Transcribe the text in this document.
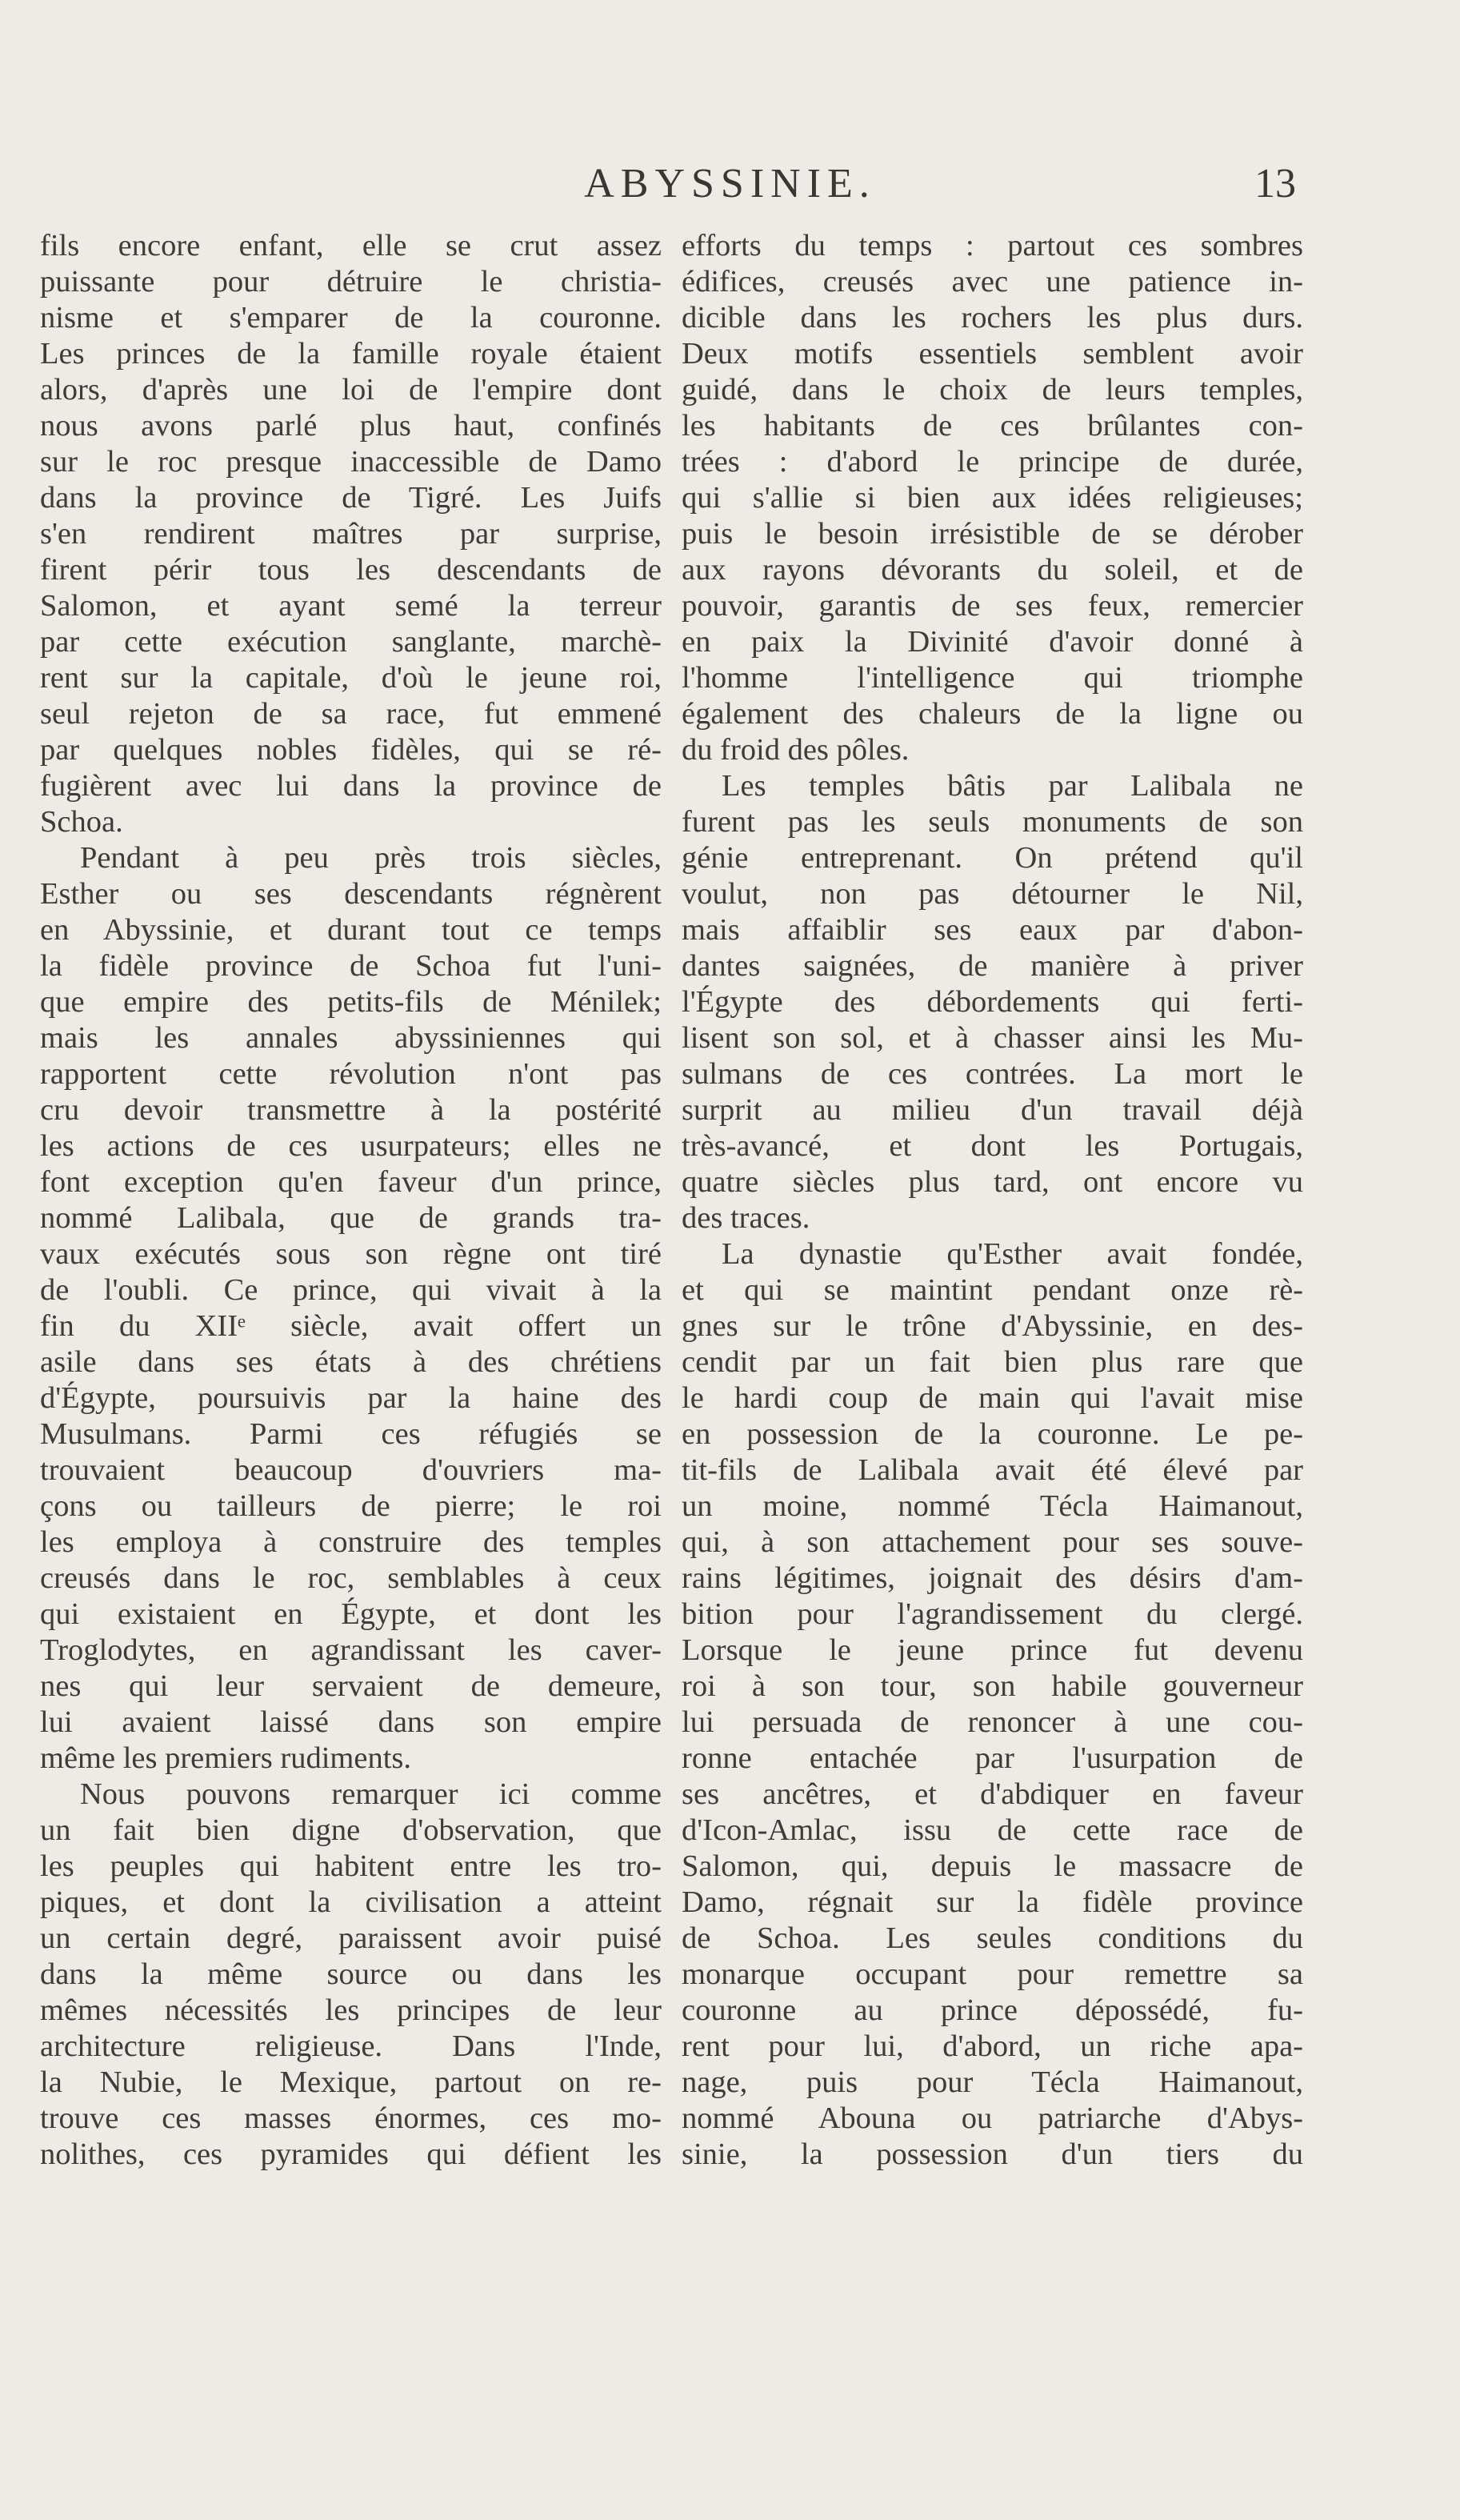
ABYSSINIE.	13
fils encore enfant, elle se crut assez
puissante pour détruire le christia-
nisme et s'emparer de la couronne.
Les princes de la famille royale étaient
alors, d'après une loi de l'empire dont
nous avons parlé plus haut, confinés
sur le roc presque inaccessible de Damo
dans la province de Tigré. Les Juifs
s'en rendirent maîtres par surprise,
firent périr tous les descendants de
Salomon, et ayant semé la terreur
par cette exécution sanglante, marchè-
rent sur la capitale, d'où le jeune roi,
seul rejeton de sa race, fut emmené
par quelques nobles fidèles, qui se ré-
fugièrent avec lui dans la province de
Schoa.
Pendant à peu près trois siècles,
Esther ou ses descendants régnèrent
en Abyssinie, et durant tout ce temps
la fidèle province de Schoa fut l'uni-
que empire des petits-fils de Ménilek;
mais les annales abyssiniennes qui
rapportent cette révolution n'ont pas
cru devoir transmettre à la postérité
les actions de ces usurpateurs; elles ne
font exception qu'en faveur d'un prince,
nommé Lalibala, que de grands tra-
vaux exécutés sous son règne ont tiré
de l'oubli. Ce prince, qui vivait à la
fin du XIIᵉ siècle, avait offert un
asile dans ses états à des chrétiens
d'Égypte, poursuivis par la haine des
Musulmans. Parmi ces réfugiés se
trouvaient beaucoup d'ouvriers ma-
çons ou tailleurs de pierre; le roi
les employa à construire des temples
creusés dans le roc, semblables à ceux
qui existaient en Égypte, et dont les
Troglodytes, en agrandissant les caver-
nes qui leur servaient de demeure,
lui avaient laissé dans son empire
même les premiers rudiments.
Nous pouvons remarquer ici comme
un fait bien digne d'observation, que
les peuples qui habitent entre les tro-
piques, et dont la civilisation a atteint
un certain degré, paraissent avoir puisé
dans la même source ou dans les
mêmes nécessités les principes de leur
architecture religieuse. Dans l'Inde,
la Nubie, le Mexique, partout on re-
trouve ces masses énormes, ces mo-
nolithes, ces pyramides qui défient les
efforts du temps : partout ces sombres
édifices, creusés avec une patience in-
dicible dans les rochers les plus durs.
Deux motifs essentiels semblent avoir
guidé, dans le choix de leurs temples,
les habitants de ces brûlantes con-
trées : d'abord le principe de durée,
qui s'allie si bien aux idées religieuses;
puis le besoin irrésistible de se dérober
aux rayons dévorants du soleil, et de
pouvoir, garantis de ses feux, remercier
en paix la Divinité d'avoir donné à
l'homme l'intelligence qui triomphe
également des chaleurs de la ligne ou
du froid des pôles.
Les temples bâtis par Lalibala ne
furent pas les seuls monuments de son
génie entreprenant. On prétend qu'il
voulut, non pas détourner le Nil,
mais affaiblir ses eaux par d'abon-
dantes saignées, de manière à priver
l'Égypte des débordements qui ferti-
lisent son sol, et à chasser ainsi les Mu-
sulmans de ces contrées. La mort le
surprit au milieu d'un travail déjà
très-avancé, et dont les Portugais,
quatre siècles plus tard, ont encore vu
des traces.
La dynastie qu'Esther avait fondée,
et qui se maintint pendant onze rè-
gnes sur le trône d'Abyssinie, en des-
cendit par un fait bien plus rare que
le hardi coup de main qui l'avait mise
en possession de la couronne. Le pe-
tit-fils de Lalibala avait été élevé par
un moine, nommé Técla Haimanout,
qui, à son attachement pour ses souve-
rains légitimes, joignait des désirs d'am-
bition pour l'agrandissement du clergé.
Lorsque le jeune prince fut devenu
roi à son tour, son habile gouverneur
lui persuada de renoncer à une cou-
ronne entachée par l'usurpation de
ses ancêtres, et d'abdiquer en faveur
d'Icon-Amlac, issu de cette race de
Salomon, qui, depuis le massacre de
Damo, régnait sur la fidèle province
de Schoa. Les seules conditions du
monarque occupant pour remettre sa
couronne au prince dépossédé, fu-
rent pour lui, d'abord, un riche apa-
nage, puis pour Técla Haimanout,
nommé Abouna ou patriarche d'Abys-
sinie, la possession d'un tiers du
